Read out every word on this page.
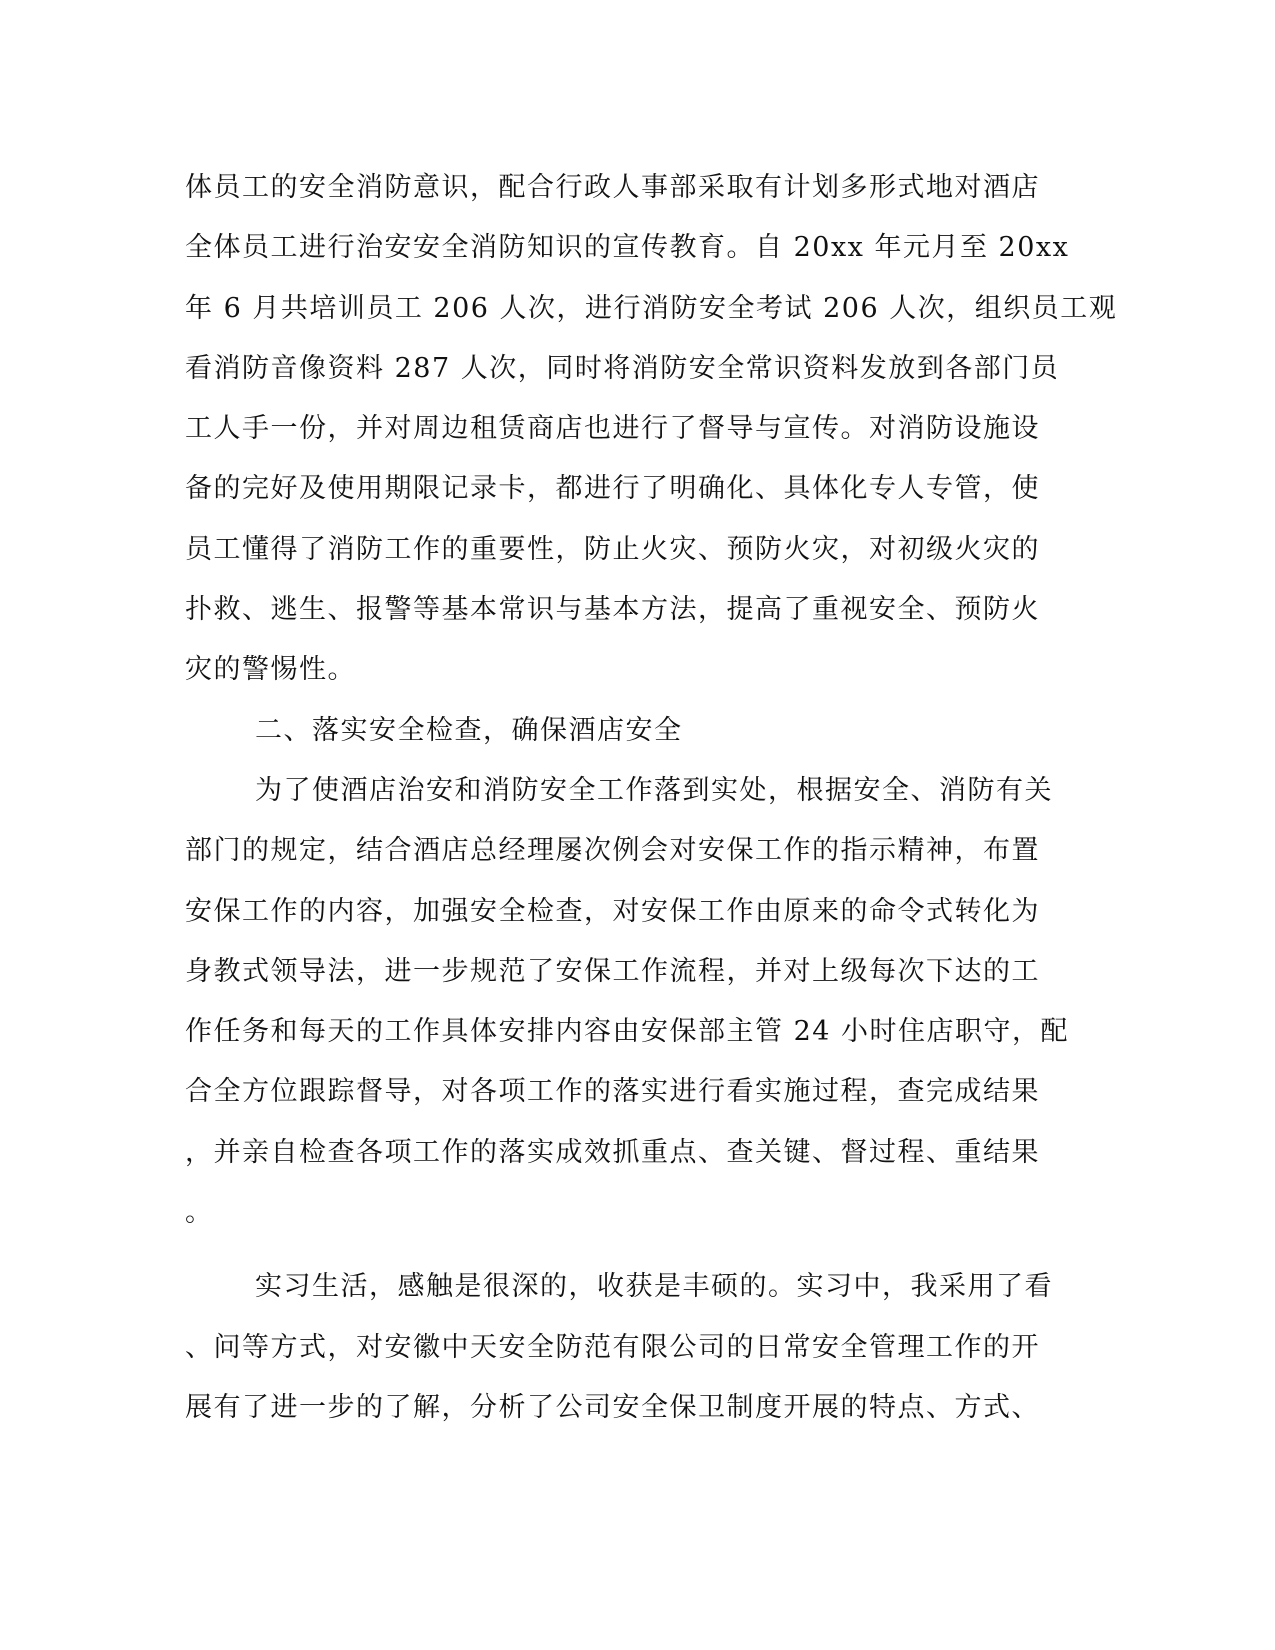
体员工的安全消防意识，配合行政人事部采取有计划多形式地对酒店
全体员工进行治安安全消防知识的宣传教育。自 20xx 年元月至 20xx
年 6 月共培训员工 206 人次，进行消防安全考试 206 人次，组织员工观
看消防音像资料 287 人次，同时将消防安全常识资料发放到各部门员
工人手一份，并对周边租赁商店也进行了督导与宣传。对消防设施设
备的完好及使用期限记录卡，都进行了明确化、具体化专人专管，使
员工懂得了消防工作的重要性，防止火灾、预防火灾，对初级火灾的
扑救、逃生、报警等基本常识与基本方法，提高了重视安全、预防火
灾的警惕性。
二、落实安全检查，确保酒店安全
为了使酒店治安和消防安全工作落到实处，根据安全、消防有关
部门的规定，结合酒店总经理屡次例会对安保工作的指示精神，布置
安保工作的内容，加强安全检查，对安保工作由原来的命令式转化为
身教式领导法，进一步规范了安保工作流程，并对上级每次下达的工
作任务和每天的工作具体安排内容由安保部主管 24 小时住店职守，配
合全方位跟踪督导，对各项工作的落实进行看实施过程，查完成结果
，并亲自检查各项工作的落实成效抓重点、查关键、督过程、重结果
。
实习生活，感触是很深的，收获是丰硕的。实习中，我采用了看
、问等方式，对安徽中天安全防范有限公司的日常安全管理工作的开
展有了进一步的了解，分析了公司安全保卫制度开展的特点、方式、
